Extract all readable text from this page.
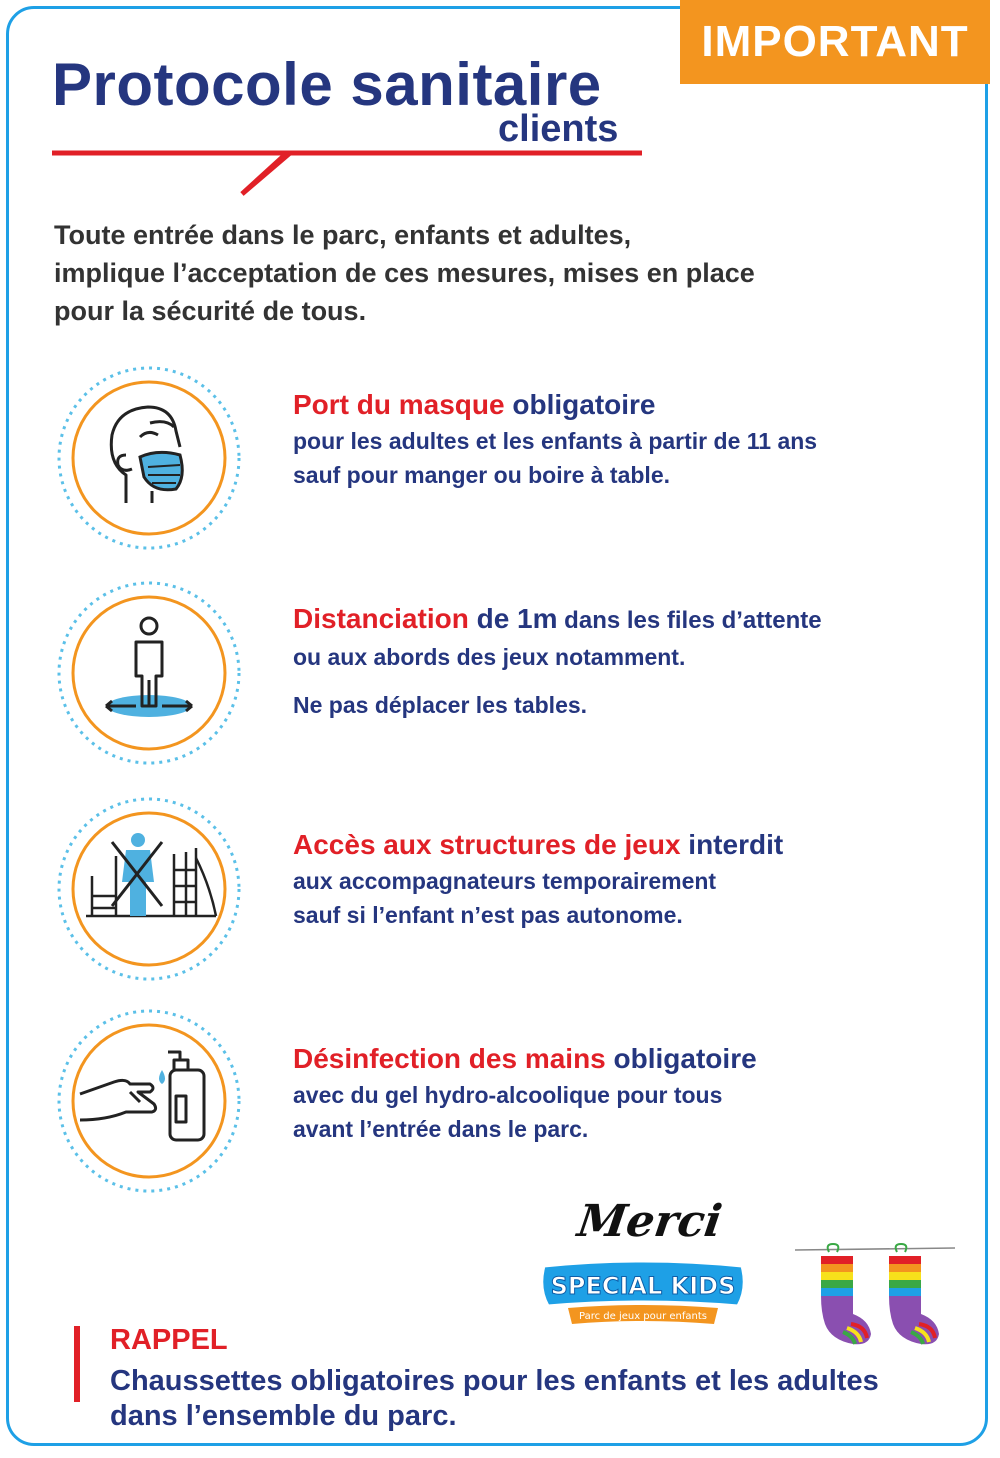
IMPORTANT
Protocole sanitaire
clients
Toute entrée dans le parc, enfants et adultes,
implique l’acceptation de ces mesures, mises en place
pour la sécurité de tous.
Port du masque obligatoire
pour les adultes et les enfants à partir de 11 ans
sauf pour manger ou boire à table.
Distanciation de 1m dans les files d’attente
ou aux abords des jeux notamment.
Ne pas déplacer les tables.
Accès aux structures de jeux interdit
aux accompagnateurs temporairement
sauf si l’enfant n’est pas autonome.
Désinfection des mains obligatoire
avec du gel hydro-alcoolique pour tous
avant l’entrée dans le parc.
Merci
SPECIAL KIDS
Parc de jeux pour enfants
RAPPEL
Chaussettes obligatoires pour les enfants et les adultes
dans l’ensemble du parc.
